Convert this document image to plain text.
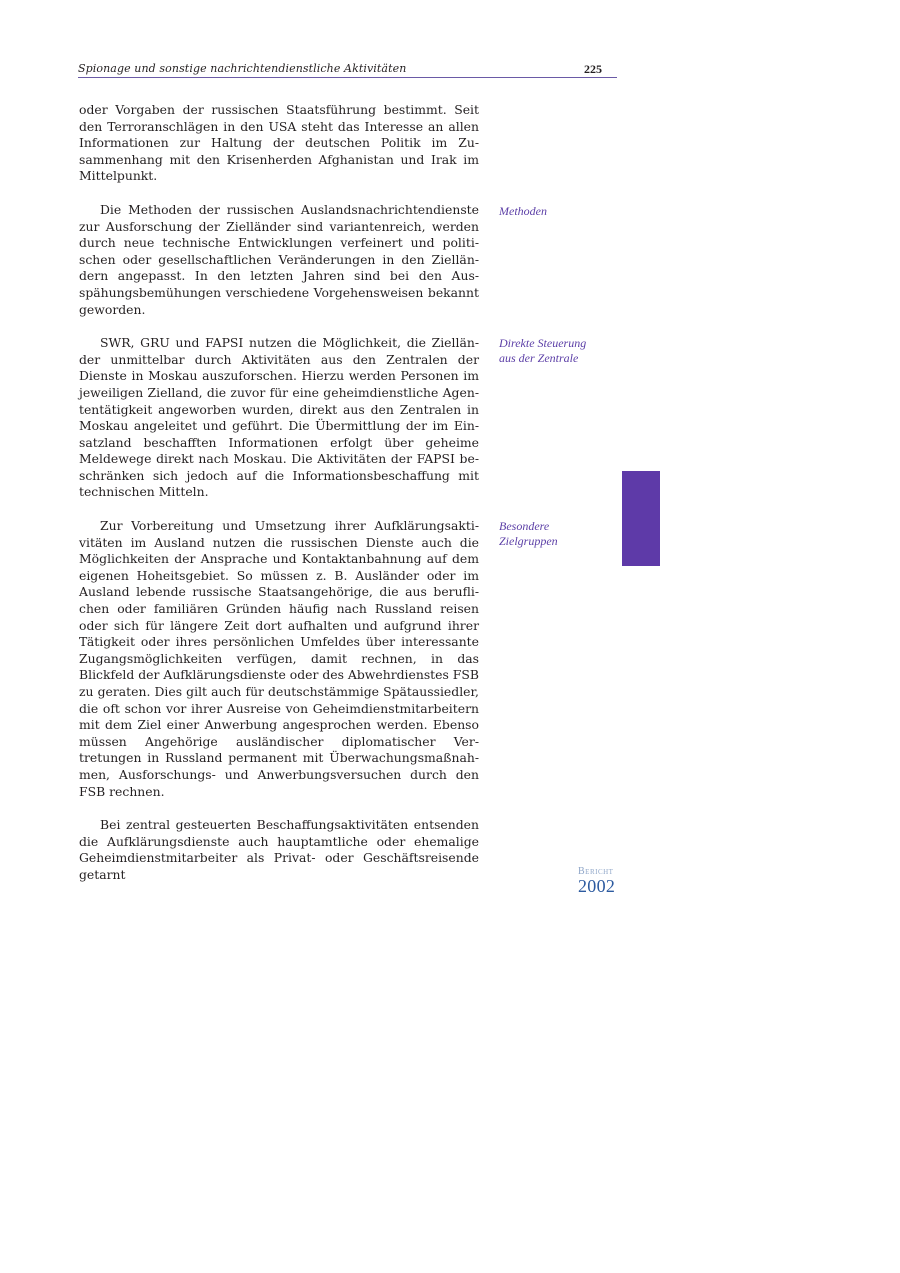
Spionage und sonstige nachrichtendienstliche Aktivitäten	225

oder Vorgaben der russischen Staatsführung bestimmt. Seit den Terroranschlägen in den USA steht das Interesse an allen Informationen zur Haltung der deutschen Politik im Zusammenhang mit den Krisenherden Afghanistan und Irak im Mittelpunkt.

Die Methoden der russischen Auslandsnachrichtendienste zur Ausforschung der Zielländer sind variantenreich, werden durch neue technische Entwicklungen verfeinert und politischen oder gesellschaftlichen Veränderungen in den Zielländern angepasst. In den letzten Jahren sind bei den Ausspähungsbemühungen verschiedene Vorgehensweisen bekannt geworden.

SWR, GRU und FAPSI nutzen die Möglichkeit, die Zielländer unmittelbar durch Aktivitäten aus den Zentralen der Dienste in Moskau auszuforschen. Hierzu werden Personen im jeweiligen Zielland, die zuvor für eine geheimdienstliche Agententätigkeit angeworben wurden, direkt aus den Zentralen in Moskau angeleitet und geführt. Die Übermittlung der im Einsatzland beschafften Informationen erfolgt über geheime Meldewege direkt nach Moskau. Die Aktivitäten der FAPSI beschränken sich jedoch auf die Informationsbeschaffung mit technischen Mitteln.

Zur Vorbereitung und Umsetzung ihrer Aufklärungsaktivitäten im Ausland nutzen die russischen Dienste auch die Möglichkeiten der Ansprache und Kontaktanbahnung auf dem eigenen Hoheitsgebiet. So müssen z. B. Ausländer oder im Ausland lebende russische Staatsangehörige, die aus beruflichen oder familiären Gründen häufig nach Russland reisen oder sich für längere Zeit dort aufhalten und aufgrund ihrer Tätigkeit oder ihres persönlichen Umfeldes über interessante Zugangsmöglichkeiten verfügen, damit rechnen, in das Blickfeld der Aufklärungsdienste oder des Abwehrdienstes FSB zu geraten. Dies gilt auch für deutschstämmige Spätaussiedler, die oft schon vor ihrer Ausreise von Geheimdienstmitarbeitern mit dem Ziel einer Anwerbung angesprochen werden. Ebenso müssen Angehörige ausländischer diplomatischer Vertretungen in Russland permanent mit Überwachungsmaßnahmen, Ausforschungs- und Anwerbungsversuchen durch den FSB rechnen.

Bei zentral gesteuerten Beschaffungsaktivitäten entsenden die Aufklärungsdienste auch hauptamtliche oder ehemalige Geheimdienstmitarbeiter als Privat- oder Geschäftsreisende getarnt

Methoden
Direkte Steuerung
aus der Zentrale
Besondere
Zielgruppen
Bericht
2002
